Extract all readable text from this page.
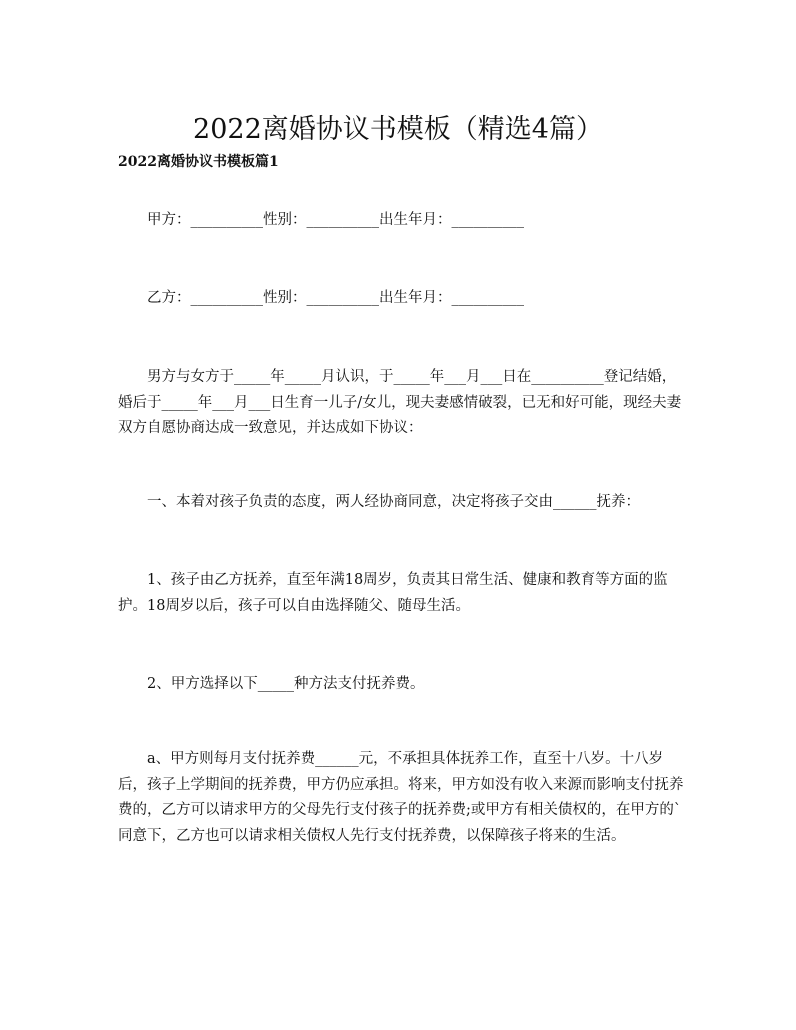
2022离婚协议书模板（精选4篇）
2022离婚协议书模板篇1

甲方：__________性别：__________出生年月：__________

乙方：__________性别：__________出生年月：__________

男方与女方于_____年_____月认识，于_____年___月___日在__________登记结婚，婚后于_____年___月___日生育一儿子/女儿，现夫妻感情破裂，已无和好可能，现经夫妻双方自愿协商达成一致意见，并达成如下协议：

一、本着对孩子负责的态度，两人经协商同意，决定将孩子交由______抚养：

1、孩子由乙方抚养，直至年满18周岁，负责其日常生活、健康和教育等方面的监护。18周岁以后，孩子可以自由选择随父、随母生活。

2、甲方选择以下_____种方法支付抚养费。

a、甲方则每月支付抚养费______元，不承担具体抚养工作，直至十八岁。十八岁后，孩子上学期间的抚养费，甲方仍应承担。将来，甲方如没有收入来源而影响支付抚养费的，乙方可以请求甲方的父母先行支付孩子的抚养费;或甲方有相关债权的，在甲方的`同意下，乙方也可以请求相关债权人先行支付抚养费，以保障孩子将来的生活。
